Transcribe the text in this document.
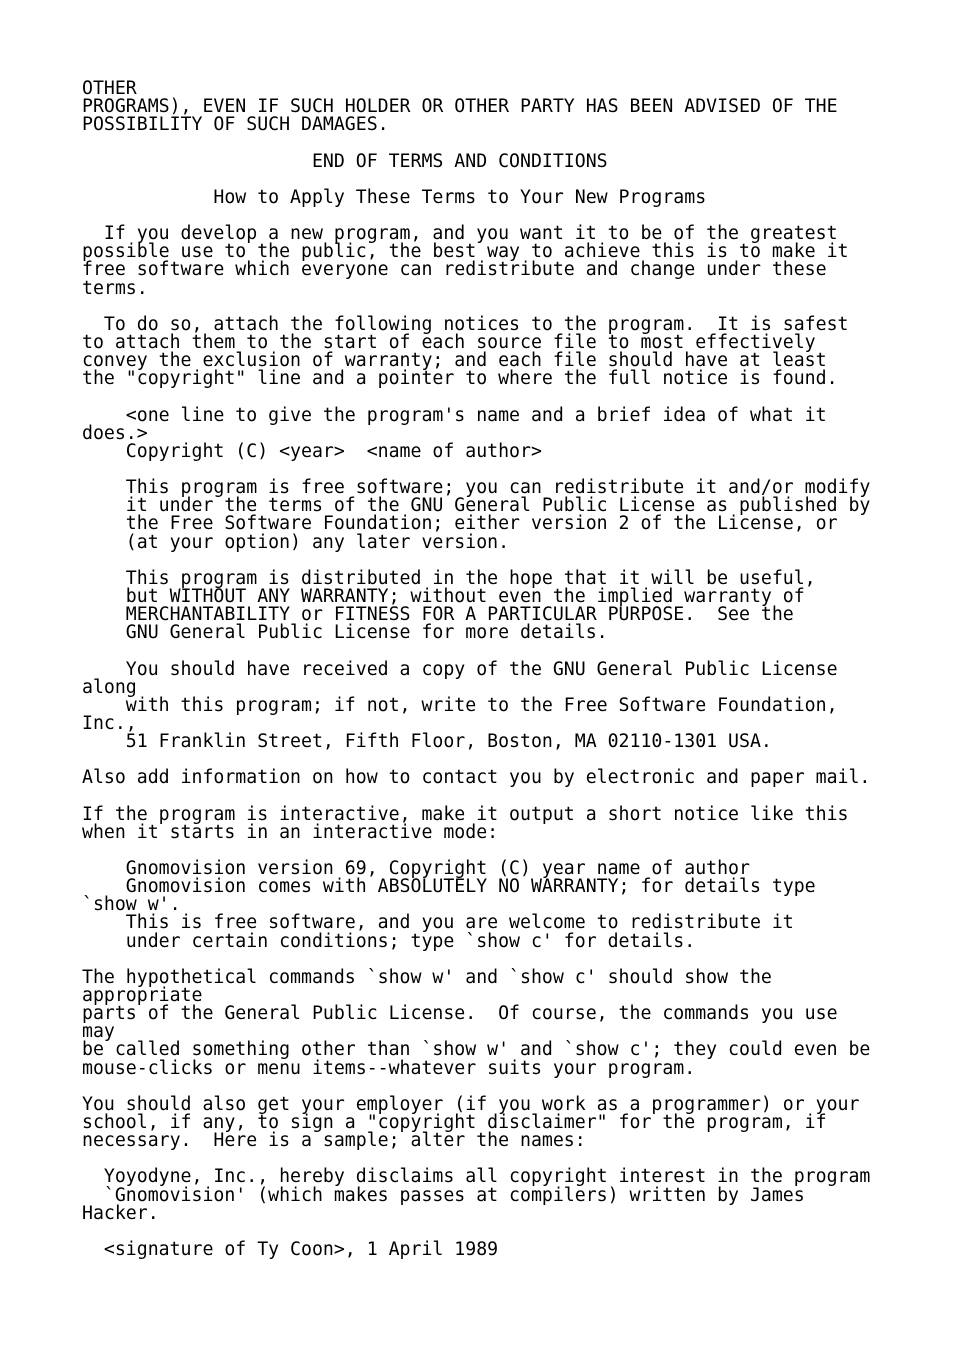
OTHER
PROGRAMS), EVEN IF SUCH HOLDER OR OTHER PARTY HAS BEEN ADVISED OF THE
POSSIBILITY OF SUCH DAMAGES.
END OF TERMS AND CONDITIONS
How to Apply These Terms to Your New Programs
If you develop a new program, and you want it to be of the greatest
possible use to the public, the best way to achieve this is to make it
free software which everyone can redistribute and change under these
terms.
To do so, attach the following notices to the program.  It is safest
to attach them to the start of each source file to most effectively
convey the exclusion of warranty; and each file should have at least
the "copyright" line and a pointer to where the full notice is found.
<one line to give the program's name and a brief idea of what it
does.>
Copyright (C) <year>  <name of author>
This program is free software; you can redistribute it and/or modify
it under the terms of the GNU General Public License as published by
the Free Software Foundation; either version 2 of the License, or
(at your option) any later version.
This program is distributed in the hope that it will be useful,
but WITHOUT ANY WARRANTY; without even the implied warranty of
MERCHANTABILITY or FITNESS FOR A PARTICULAR PURPOSE.  See the
GNU General Public License for more details.
You should have received a copy of the GNU General Public License
along
with this program; if not, write to the Free Software Foundation,
Inc.,
51 Franklin Street, Fifth Floor, Boston, MA 02110-1301 USA.
Also add information on how to contact you by electronic and paper mail.
If the program is interactive, make it output a short notice like this
when it starts in an interactive mode:
Gnomovision version 69, Copyright (C) year name of author
Gnomovision comes with ABSOLUTELY NO WARRANTY; for details type
`show w'.
This is free software, and you are welcome to redistribute it
under certain conditions; type `show c' for details.
The hypothetical commands `show w' and `show c' should show the
appropriate
parts of the General Public License.  Of course, the commands you use
may
be called something other than `show w' and `show c'; they could even be
mouse-clicks or menu items--whatever suits your program.
You should also get your employer (if you work as a programmer) or your
school, if any, to sign a "copyright disclaimer" for the program, if
necessary.  Here is a sample; alter the names:
Yoyodyne, Inc., hereby disclaims all copyright interest in the program
`Gnomovision' (which makes passes at compilers) written by James
Hacker.
<signature of Ty Coon>, 1 April 1989
